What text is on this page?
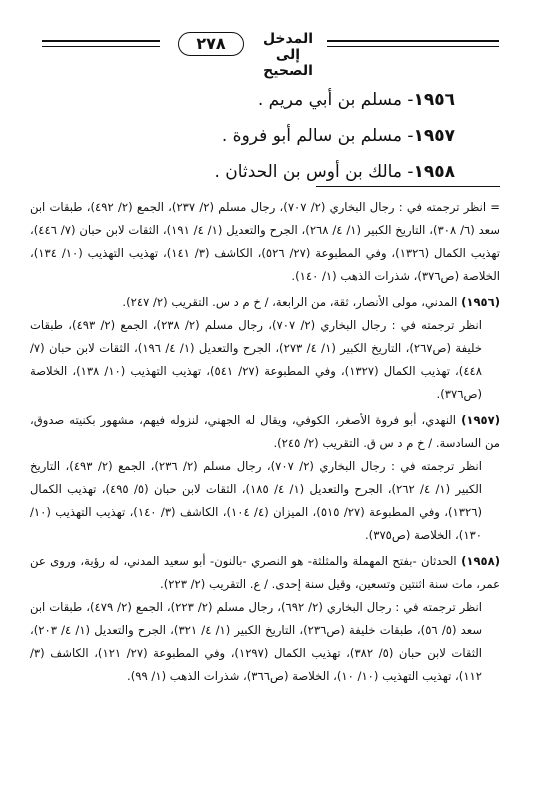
٢٧٨	المدخل إلى الصحيح
١٩٥٦- مسلم بن أبي مريم .
١٩٥٧- مسلم بن سالم أبو فروة .
١٩٥٨- مالك بن أوس بن الحدثان .

= انظر ترجمته في : رجال البخاري (٢/ ٧٠٧)، رجال مسلم (٢/ ٢٣٧)، الجمع (٢/ ٤٩٢)، طبقات ابن سعد (٦/ ٣٠٨)، التاريخ الكبير (١/ ٤/ ٢٦٨)، الجرح والتعديل (١/ ٤/ ١٩١)، الثقات لابن حبان (٧/ ٤٤٦)، تهذيب الكمال (١٣٢٦)، وفي المطبوعة (٢٧/ ٥٢٦)، الكاشف (٣/ ١٤١)، تهذيب التهذيب (١٠/ ١٣٤)، الخلاصة (ص٣٧٦)، شذرات الذهب (١/ ١٤٠).

(١٩٥٦) المدني، مولى الأنصار، ثقة، من الرابعة، / خ م د س. التقريب (٢/ ٢٤٧).

انظر ترجمته في : رجال البخاري (٢/ ٧٠٧)، رجال مسلم (٢/ ٢٣٨)، الجمع (٢/ ٤٩٣)، طبقات خليفة (ص٢٦٧)، التاريخ الكبير (١/ ٤/ ٢٧٣)، الجرح والتعديل (١/ ٤/ ١٩٦)، الثقات لابن حبان (٧/ ٤٤٨)، تهذيب الكمال (١٣٢٧)، وفي المطبوعة (٢٧/ ٥٤١)، تهذيب التهذيب (١٠/ ١٣٨)، الخلاصة (ص٣٧٦).

(١٩٥٧) النهدي، أبو فروة الأصغر، الكوفي، ويقال له الجهني، لنزوله فيهم، مشهور بكنيته صدوق، من السادسة. / خ م د س ق. التقريب (٢/ ٢٤٥).

انظر ترجمته في : رجال البخاري (٢/ ٧٠٧)، رجال مسلم (٢/ ٢٣٦)، الجمع (٢/ ٤٩٣)، التاريخ الكبير (١/ ٤/ ٢٦٢)، الجرح والتعديل (١/ ٤/ ١٨٥)، الثقات لابن حبان (٥/ ٤٩٥)، تهذيب الكمال (١٣٢٦)، وفي المطبوعة (٢٧/ ٥١٥)، الميزان (٤/ ١٠٤)، الكاشف (٣/ ١٤٠)، تهذيب التهذيب (١٠/ ١٣٠)، الخلاصة (ص٣٧٥).

(١٩٥٨) الحدثان -بفتح المهملة والمثلثة- هو النصري -بالنون- أبو سعيد المدني، له رؤية، وروى عن عمر، مات سنة اثنتين وتسعين، وقيل سنة إحدى. / ع. التقريب (٢/ ٢٢٣).

انظر ترجمته في : رجال البخاري (٢/ ٦٩٢)، رجال مسلم (٢/ ٢٢٣)، الجمع (٢/ ٤٧٩)، طبقات ابن سعد (٥/ ٥٦)، طبقات خليفة (ص٢٣٦)، التاريخ الكبير (١/ ٤/ ٣٢١)، الجرح والتعديل (١/ ٤/ ٢٠٣)، الثقات لابن حبان (٥/ ٣٨٢)، تهذيب الكمال (١٢٩٧)، وفي المطبوعة (٢٧/ ١٢١)، الكاشف (٣/ ١١٢)، تهذيب التهذيب (١٠/ ١٠)، الخلاصة (ص٣٦٦)، شذرات الذهب (١/ ٩٩).
